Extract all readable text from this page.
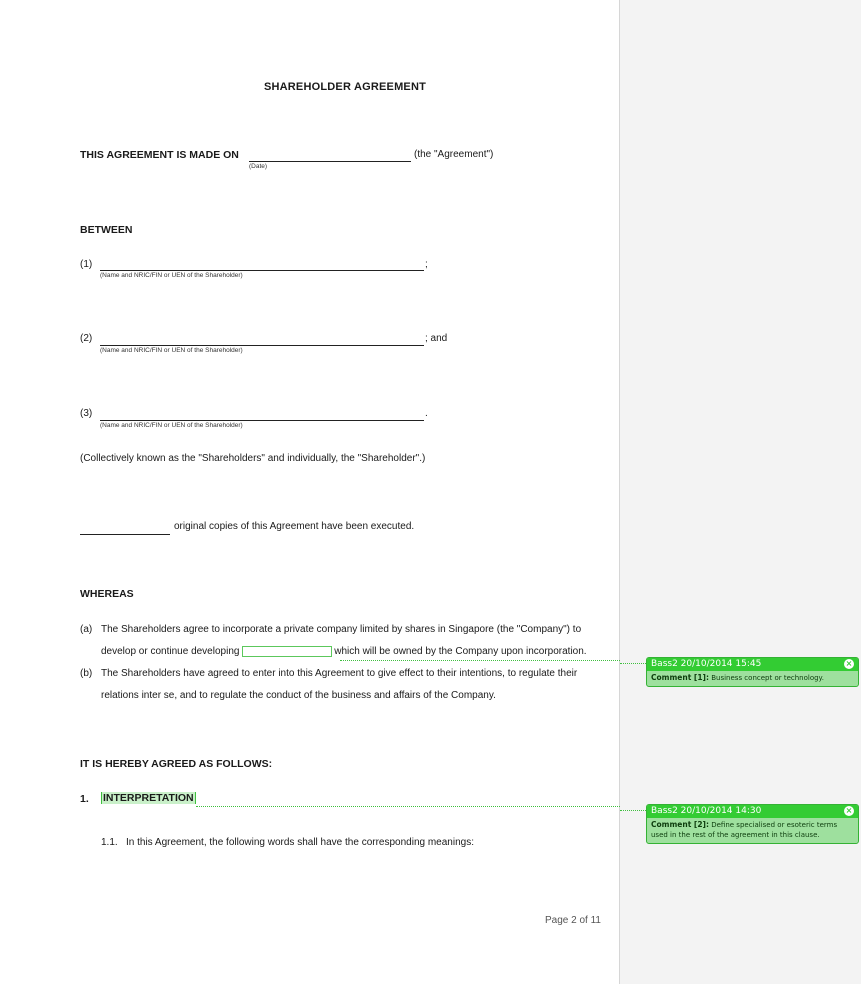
SHAREHOLDER AGREEMENT
THIS AGREEMENT IS MADE ON	(the "Agreement")
(Date)
BETWEEN
(1)	;
(Name and NRIC/FIN or UEN of the Shareholder)
(2)	; and
(Name and NRIC/FIN or UEN of the Shareholder)
(3)	.
(Name and NRIC/FIN or UEN of the Shareholder)
(Collectively known as the "Shareholders" and individually, the "Shareholder".)
original copies of this Agreement have been executed.
WHEREAS
(a) The Shareholders agree to incorporate a private company limited by shares in Singapore (the "Company") to
develop or continue developing	which will be owned by the Company upon incorporation.
(b) The Shareholders have agreed to enter into this Agreement to give effect to their intentions, to regulate their
relations inter se, and to regulate the conduct of the business and affairs of the Company.
IT IS HEREBY AGREED AS FOLLOWS:
1. INTERPRETATION
1.1. In this Agreement, the following words shall have the corresponding meanings:
Page 2 of 11
Bass2 20/10/2014 15:45	×
Comment [1]: Business concept or technology.
Bass2 20/10/2014 14:30	×
Comment [2]: Define specialised or esoteric terms used in the rest of the agreement in this clause.
